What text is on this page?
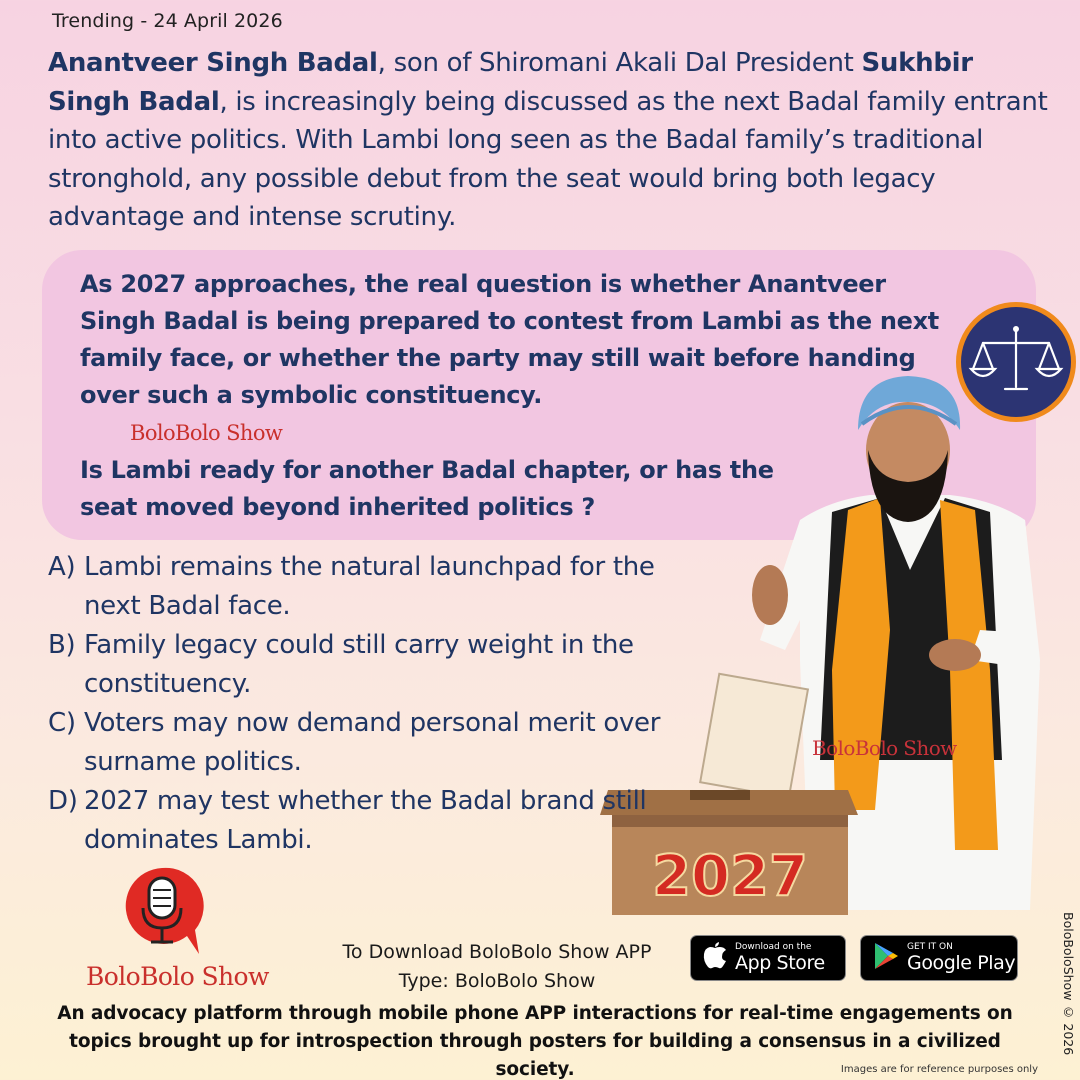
Trending - 24 April 2026
Anantveer Singh Badal, son of Shiromani Akali Dal President Sukhbir Singh Badal, is increasingly being discussed as the next Badal family entrant into active politics. With Lambi long seen as the Badal family’s traditional stronghold, any possible debut from the seat would bring both legacy advantage and intense scrutiny.
As 2027 approaches, the real question is whether Anantveer Singh Badal is being prepared to contest from Lambi as the next family face, or whether the party may still wait before handing over such a symbolic constituency.
BoloBolo Show
Is Lambi ready for another Badal chapter, or has the seat moved beyond inherited politics ?
BoloBolo Show
2027
A) Lambi remains the natural launchpad for the next Badal face.
B) Family legacy could still carry weight in the constituency.
C) Voters may now demand personal merit over surname politics.
D) 2027 may test whether the Badal brand still dominates Lambi.
BoloBolo Show
To Download BoloBolo Show APP
Type: BoloBolo Show
Download on the
App Store
GET IT ON
Google Play
An advocacy platform through mobile phone APP interactions for real-time engagements on topics brought up for introspection through posters for building a consensus in a civilized society.
BoloBoloShow © 2026
Images are for reference purposes only
